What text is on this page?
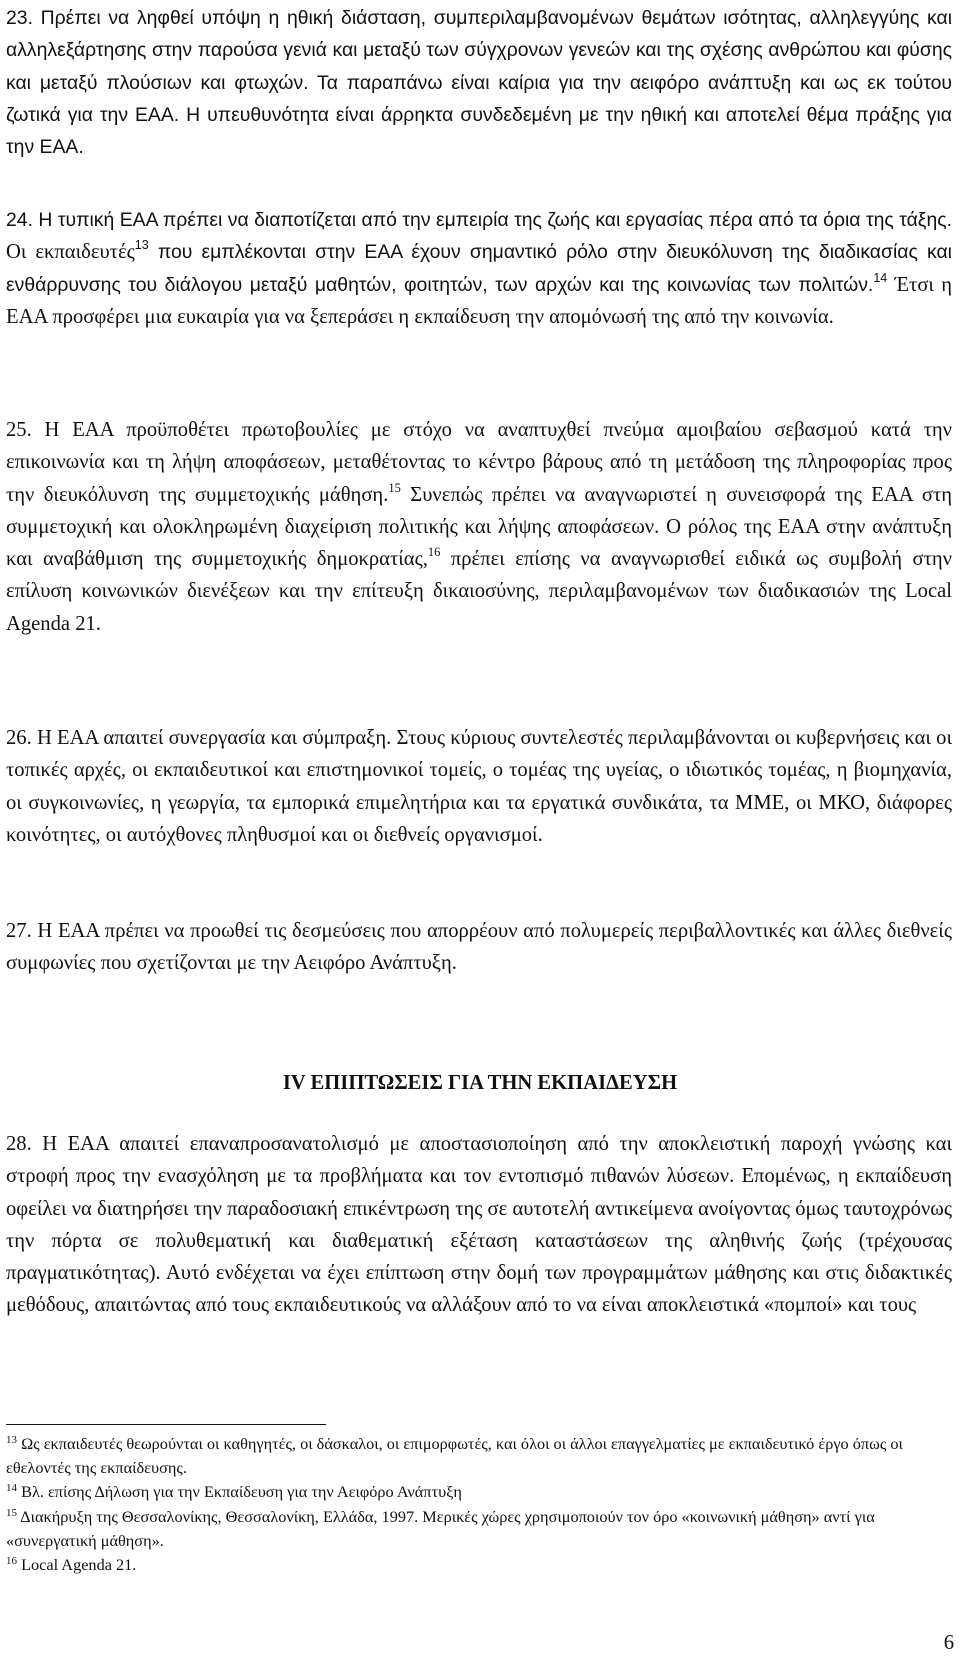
23. Πρέπει να ληφθεί υπόψη η ηθική διάσταση, συμπεριλαμβανομένων θεμάτων ισότητας, αλληλεγγύης και αλληλεξάρτησης στην παρούσα γενιά και μεταξύ των σύγχρονων γενεών και της σχέσης ανθρώπου και φύσης και μεταξύ πλούσιων και φτωχών. Τα παραπάνω είναι καίρια για την αειφόρο ανάπτυξη και ως εκ τούτου ζωτικά για την ΕΑΑ. Η υπευθυνότητα είναι άρρηκτα συνδεδεμένη με την ηθική και αποτελεί θέμα πράξης για την ΕΑΑ.

24. Η τυπική ΕΑΑ πρέπει να διαποτίζεται από την εμπειρία της ζωής και εργασίας πέρα από τα όρια της τάξης. Οι εκπαιδευτές$^{13}$ που εμπλέκονται στην ΕΑΑ έχουν σημαντικό ρόλο στην διευκόλυνση της διαδικασίας και ενθάρρυνσης του διάλογου μεταξύ μαθητών, φοιτητών, των αρχών και της κοινωνίας των πολιτών.$^{14}$ Έτσι η ΕΑΑ προσφέρει μια ευκαιρία για να ξεπεράσει η εκπαίδευση την απομόνωσή της από την κοινωνία.

25. Η ΕΑΑ προϋποθέτει πρωτοβουλίες με στόχο να αναπτυχθεί πνεύμα αμοιβαίου σεβασμού κατά την επικοινωνία και τη λήψη αποφάσεων, μεταθέτοντας το κέντρο βάρους από τη μετάδοση της πληροφορίας προς την διευκόλυνση της συμμετοχικής μάθηση.$^{15}$ Συνεπώς πρέπει να αναγνωριστεί η συνεισφορά της ΕΑΑ στη συμμετοχική και ολοκληρωμένη διαχείριση πολιτικής και λήψης αποφάσεων. Ο ρόλος της ΕΑΑ στην ανάπτυξη και αναβάθμιση της συμμετοχικής δημοκρατίας,$^{16}$ πρέπει επίσης να αναγνωρισθεί ειδικά ως συμβολή στην επίλυση κοινωνικών διενέξεων και την επίτευξη δικαιοσύνης, περιλαμβανομένων των διαδικασιών της Local Agenda 21.

26. Η ΕΑΑ απαιτεί συνεργασία και σύμπραξη. Στους κύριους συντελεστές περιλαμβάνονται οι κυβερνήσεις και οι τοπικές αρχές, οι εκπαιδευτικοί και επιστημονικοί τομείς, ο τομέας της υγείας, ο ιδιωτικός τομέας, η βιομηχανία, οι συγκοινωνίες, η γεωργία, τα εμπορικά επιμελητήρια και τα εργατικά συνδικάτα, τα ΜΜΕ, οι ΜΚΟ, διάφορες κοινότητες, οι αυτόχθονες πληθυσμοί και οι διεθνείς οργανισμοί.

27. Η ΕΑΑ πρέπει να προωθεί τις δεσμεύσεις που απορρέουν από πολυμερείς περιβαλλοντικές και άλλες διεθνείς συμφωνίες που σχετίζονται με την Αειφόρο Ανάπτυξη.

IV ΕΠΙΠΤΩΣΕΙΣ ΓΙΑ ΤΗΝ ΕΚΠΑΙΔΕΥΣΗ

28. Η ΕΑΑ απαιτεί επαναπροσανατολισμό με αποστασιοποίηση από την αποκλειστική παροχή γνώσης και στροφή προς την ενασχόληση με τα προβλήματα και τον εντοπισμό πιθανών λύσεων. Επομένως, η εκπαίδευση οφείλει να διατηρήσει την παραδοσιακή επικέντρωση της σε αυτοτελή αντικείμενα ανοίγοντας όμως ταυτοχρόνως την πόρτα σε πολυθεματική και διαθεματική εξέταση καταστάσεων της αληθινής ζωής (τρέχουσας πραγματικότητας). Αυτό ενδέχεται να έχει επίπτωση στην δομή των προγραμμάτων μάθησης και στις διδακτικές μεθόδους, απαιτώντας από τους εκπαιδευτικούς να αλλάξουν από το να είναι αποκλειστικά «πομποί» και τους

$^{13}$ Ως εκπαιδευτές θεωρούνται οι καθηγητές, οι δάσκαλοι, οι επιμορφωτές, και όλοι οι άλλοι επαγγελματίες με εκπαιδευτικό έργο όπως οι εθελοντές της εκπαίδευσης.

$^{14}$ Βλ. επίσης Δήλωση για την Εκπαίδευση για την Αειφόρο Ανάπτυξη

$^{15}$ Διακήρυξη της Θεσσαλονίκης, Θεσσαλονίκη, Ελλάδα, 1997. Μερικές χώρες χρησιμοποιούν τον όρο «κοινωνική μάθηση» αντί για «συνεργατική μάθηση».

$^{16}$ Local Agenda 21.

6
